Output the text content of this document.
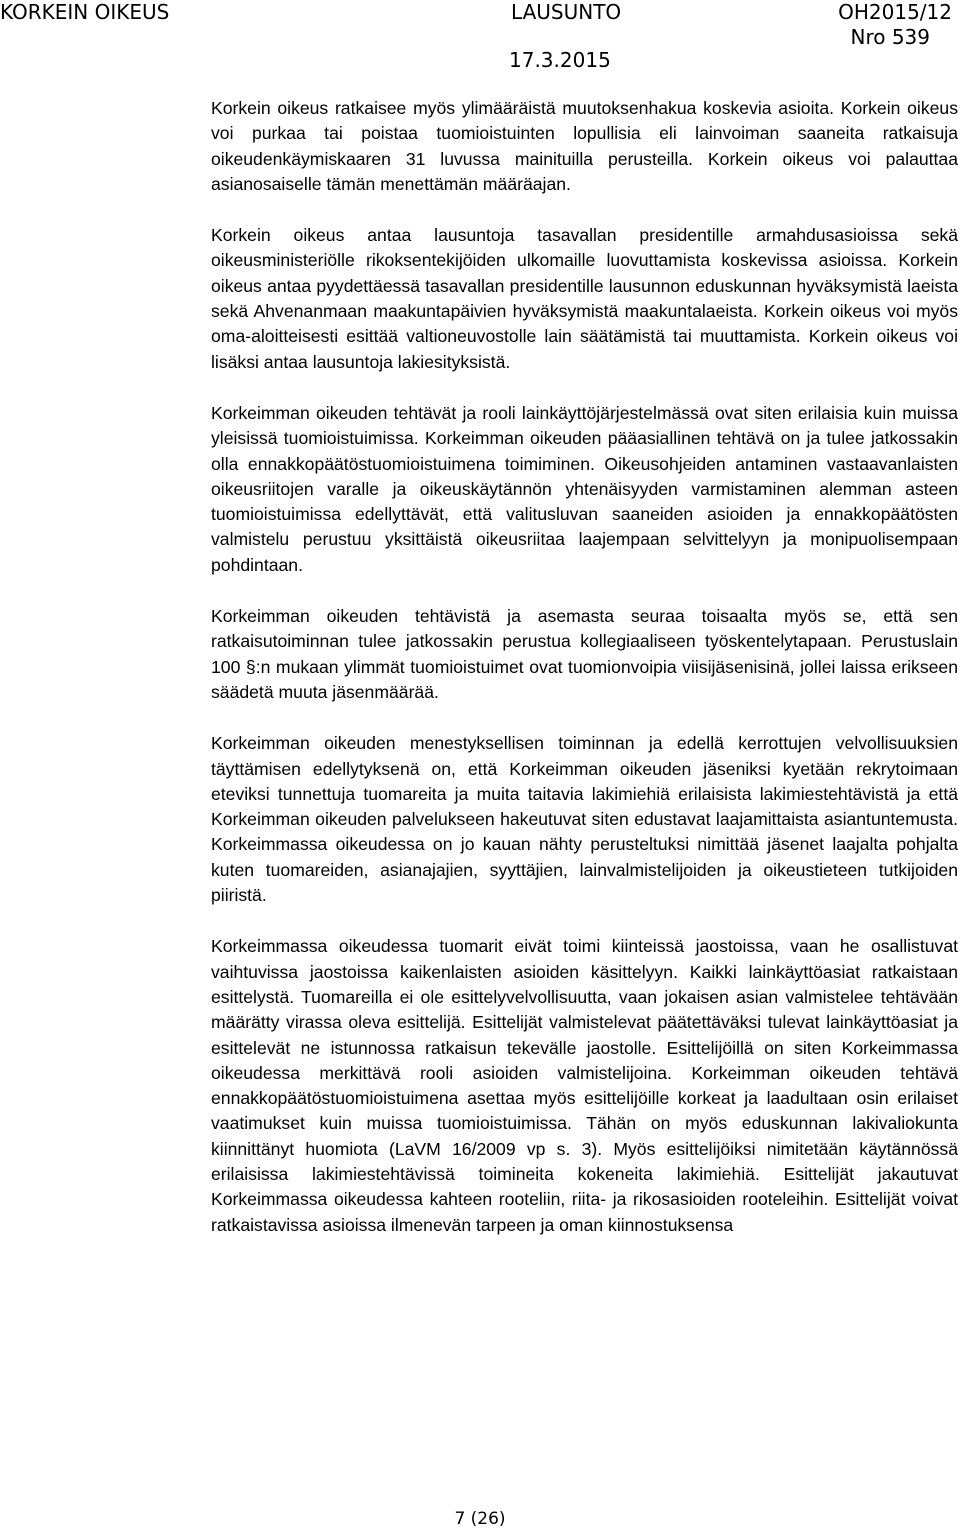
KORKEIN OIKEUS	LAUSUNTO	OH2015/12
Nro 539
17.3.2015

Korkein oikeus ratkaisee myös ylimääräistä muutoksenhakua koskevia asioita. Korkein oikeus voi purkaa tai poistaa tuomioistuinten lopullisia eli lainvoiman saaneita ratkaisuja oikeudenkäymiskaaren 31 luvussa mainituilla perusteilla. Korkein oikeus voi palauttaa asianosaiselle tämän menettämän määräajan.

Korkein oikeus antaa lausuntoja tasavallan presidentille armahdusasioissa sekä oikeusministeriölle rikoksentekijöiden ulkomaille luovuttamista koskevissa asioissa. Korkein oikeus antaa pyydettäessä tasavallan presidentille lausunnon eduskunnan hyväksymistä laeista sekä Ahvenanmaan maakuntapäivien hyväksymistä maakuntalaeista. Korkein oikeus voi myös oma-aloitteisesti esittää valtioneuvostolle lain säätämistä tai muuttamista. Korkein oikeus voi lisäksi antaa lausuntoja lakiesityksistä.

Korkeimman oikeuden tehtävät ja rooli lainkäyttöjärjestelmässä ovat siten erilaisia kuin muissa yleisissä tuomioistuimissa. Korkeimman oikeuden pääasiallinen tehtävä on ja tulee jatkossakin olla ennakkopäätöstuomioistuimena toimiminen. Oikeusohjeiden antaminen vastaavanlaisten oikeusriitojen varalle ja oikeuskäytännön yhtenäisyyden varmistaminen alemman asteen tuomioistuimissa edellyttävät, että valitusluvan saaneiden asioiden ja ennakkopäätösten valmistelu perustuu yksittäistä oikeusriitaa laajempaan selvittelyyn ja monipuolisempaan pohdintaan.

Korkeimman oikeuden tehtävistä ja asemasta seuraa toisaalta myös se, että sen ratkaisutoiminnan tulee jatkossakin perustua kollegiaaliseen työskentelytapaan. Perustuslain 100 §:n mukaan ylimmät tuomioistuimet ovat tuomionvoipia viisijäsenisinä, jollei laissa erikseen säädetä muuta jäsenmäärää.

Korkeimman oikeuden menestyksellisen toiminnan ja edellä kerrottujen velvollisuuksien täyttämisen edellytyksenä on, että Korkeimman oikeuden jäseniksi kyetään rekrytoimaan eteviksi tunnettuja tuomareita ja muita taitavia lakimiehiä erilaisista lakimiestehtävistä ja että Korkeimman oikeuden palvelukseen hakeutuvat siten edustavat laajamittaista asiantuntemusta. Korkeimmassa oikeudessa on jo kauan nähty perusteltuksi nimittää jäsenet laajalta pohjalta kuten tuomareiden, asianajajien, syyttäjien, lainvalmistelijoiden ja oikeustieteen tutkijoiden piiristä.

Korkeimmassa oikeudessa tuomarit eivät toimi kiinteissä jaostoissa, vaan he osallistuvat vaihtuvissa jaostoissa kaikenlaisten asioiden käsittelyyn. Kaikki lainkäyttöasiat ratkaistaan esittelystä. Tuomareilla ei ole esittelyvelvollisuutta, vaan jokaisen asian valmistelee tehtävään määrätty virassa oleva esittelijä. Esittelijät valmistelevat päätettäväksi tulevat lainkäyttöasiat ja esittelevät ne istunnossa ratkaisun tekevälle jaostolle. Esittelijöillä on siten Korkeimmassa oikeudessa merkittävä rooli asioiden valmistelijoina. Korkeimman oikeuden tehtävä ennakkopäätöstuomioistuimena asettaa myös esittelijöille korkeat ja laadultaan osin erilaiset vaatimukset kuin muissa tuomioistuimissa. Tähän on myös eduskunnan lakivaliokunta kiinnittänyt huomiota (LaVM 16/2009 vp s. 3). Myös esittelijöiksi nimitetään käytännössä erilaisissa lakimiestehtävissä toimineita kokeneita lakimiehiä. Esittelijät jakautuvat Korkeimmassa oikeudessa kahteen rooteliin, riita- ja rikosasioiden rooteleihin. Esittelijät voivat ratkaistavissa asioissa ilmenevän tarpeen ja oman kiinnostuksensa

7 (26)
